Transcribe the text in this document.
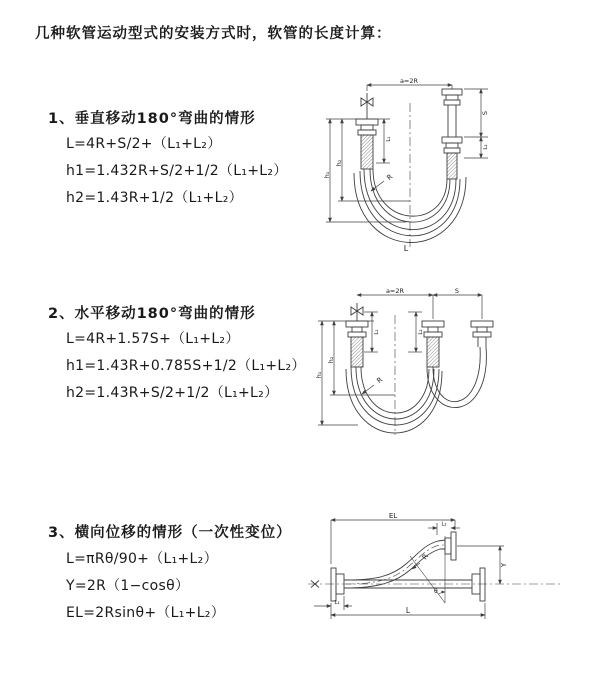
几种软管运动型式的安装方式时，软管的长度计算：
1、垂直移动180°弯曲的情形
L=4R+S/2+（L₁+L₂）
h1=1.432R+S/2+1/2（L₁+L₂）
h2=1.43R+1/2（L₁+L₂）
a=2R
h₁
h₂
L₁
S
L₂
R
L
2、水平移动180°弯曲的情形
L=4R+1.57S+（L₁+L₂）
h1=1.43R+0.785S+1/2（L₁+L₂）
h2=1.43R+S/2+1/2（L₁+L₂）
a=2R	S
h₁
h₂
L₁	L₂
R
3、横向位移的情形（一次性变位）
L=πRθ/90+（L₁+L₂）
Y=2R（1−cosθ）
EL=2Rsinθ+（L₁+L₂）
EL
L₂
Y
R
θ
L
L₁
